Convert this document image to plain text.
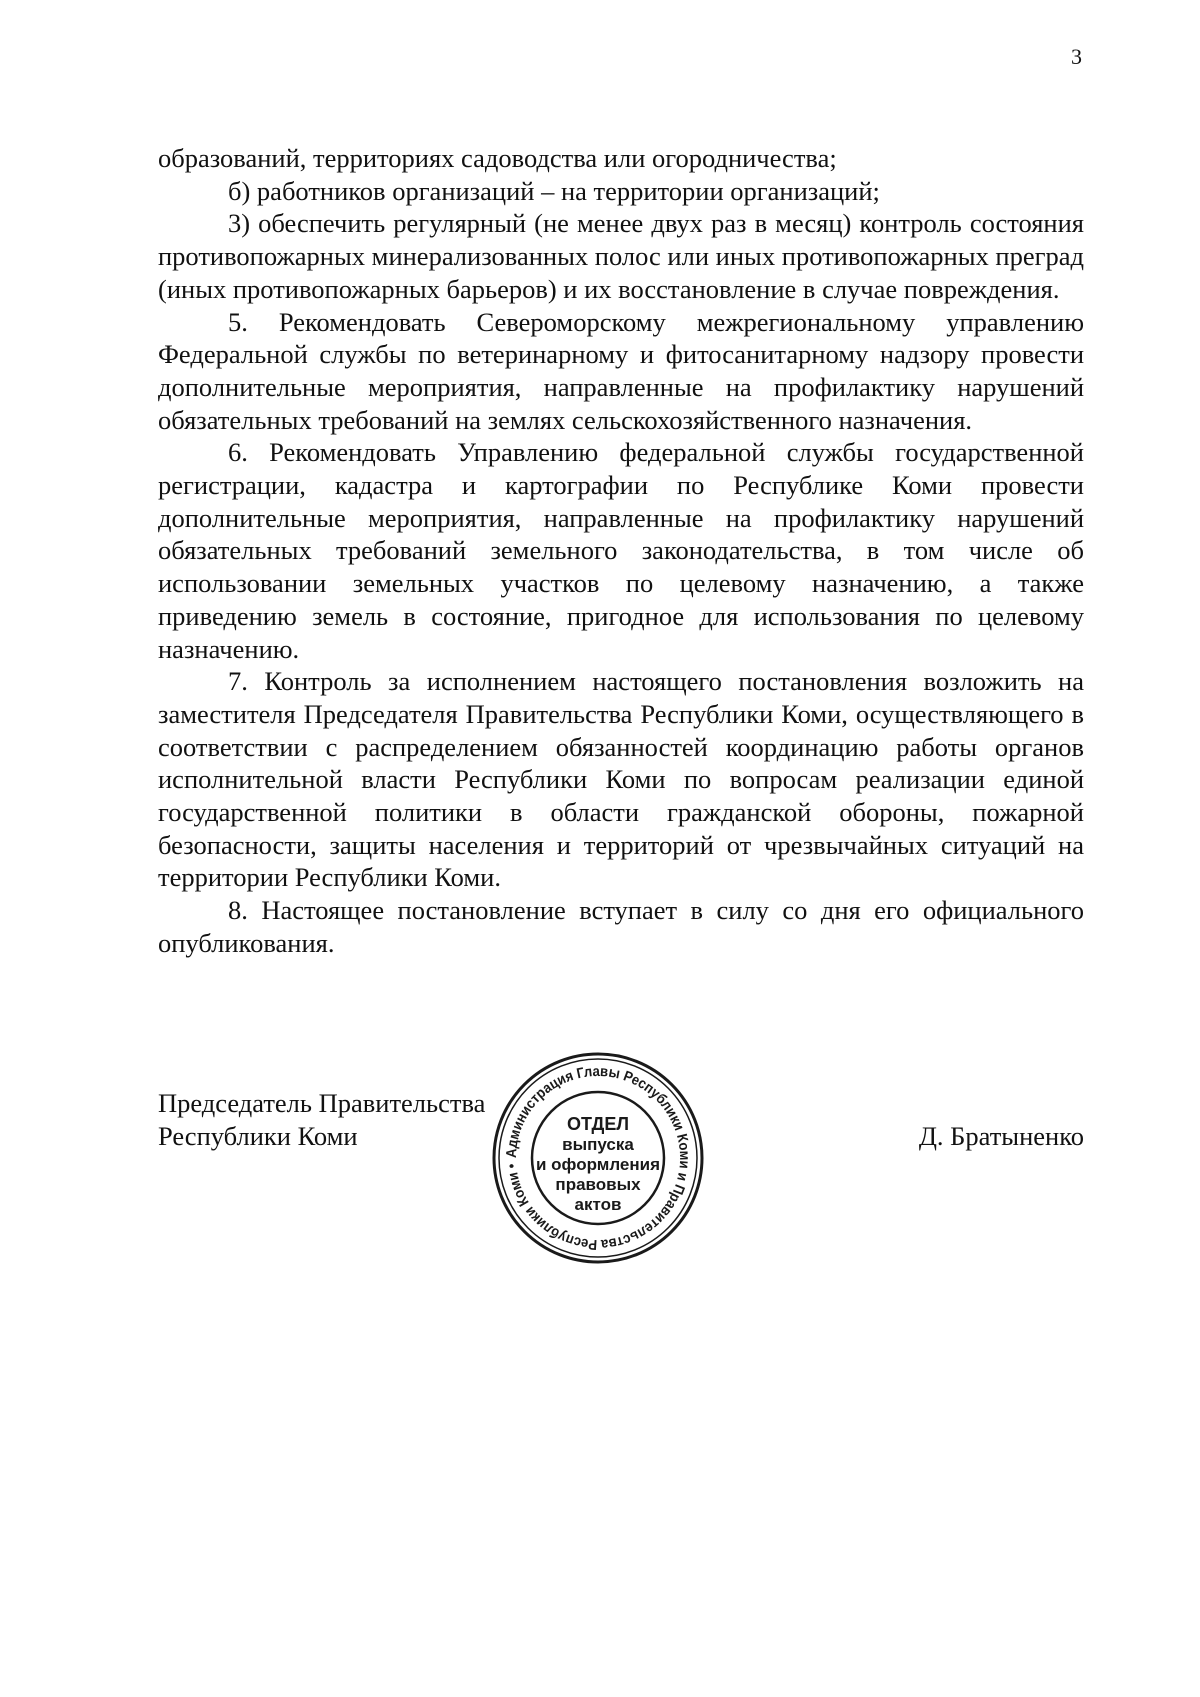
3

образований, территориях садоводства или огородничества;

б) работников организаций – на территории организаций;

3) обеспечить регулярный (не менее двух раз в месяц) контроль состояния противопожарных минерализованных полос или иных противопожарных преград (иных противопожарных барьеров) и их восстановление в случае повреждения.

5. Рекомендовать Североморскому межрегиональному управлению Федеральной службы по ветеринарному и фитосанитарному надзору провести дополнительные мероприятия, направленные на профилактику нарушений обязательных требований на землях сельскохозяйственного назначения.

6. Рекомендовать Управлению федеральной службы государственной регистрации, кадастра и картографии по Республике Коми провести дополнительные мероприятия, направленные на профилактику нарушений обязательных требований земельного законодательства, в том числе об использовании земельных участков по целевому назначению, а также приведению земель в состояние, пригодное для использования по целевому назначению.

7. Контроль за исполнением настоящего постановления возложить на заместителя Председателя Правительства Республики Коми, осуществляющего в соответствии с распределением обязанностей координацию работы органов исполнительной власти Республики Коми по вопросам реализации единой государственной политики в области гражданской обороны, пожарной безопасности, защиты населения и территорий от чрезвычайных ситуаций на территории Республики Коми.

8. Настоящее постановление вступает в силу со дня его официального опубликования.

Председатель Правительства
Республики Коми	Д. Братыненко
Администрация Главы Республики Коми и Правительства Республики Коми •
ОТДЕЛ
выпуска
и оформления
правовых
актов
